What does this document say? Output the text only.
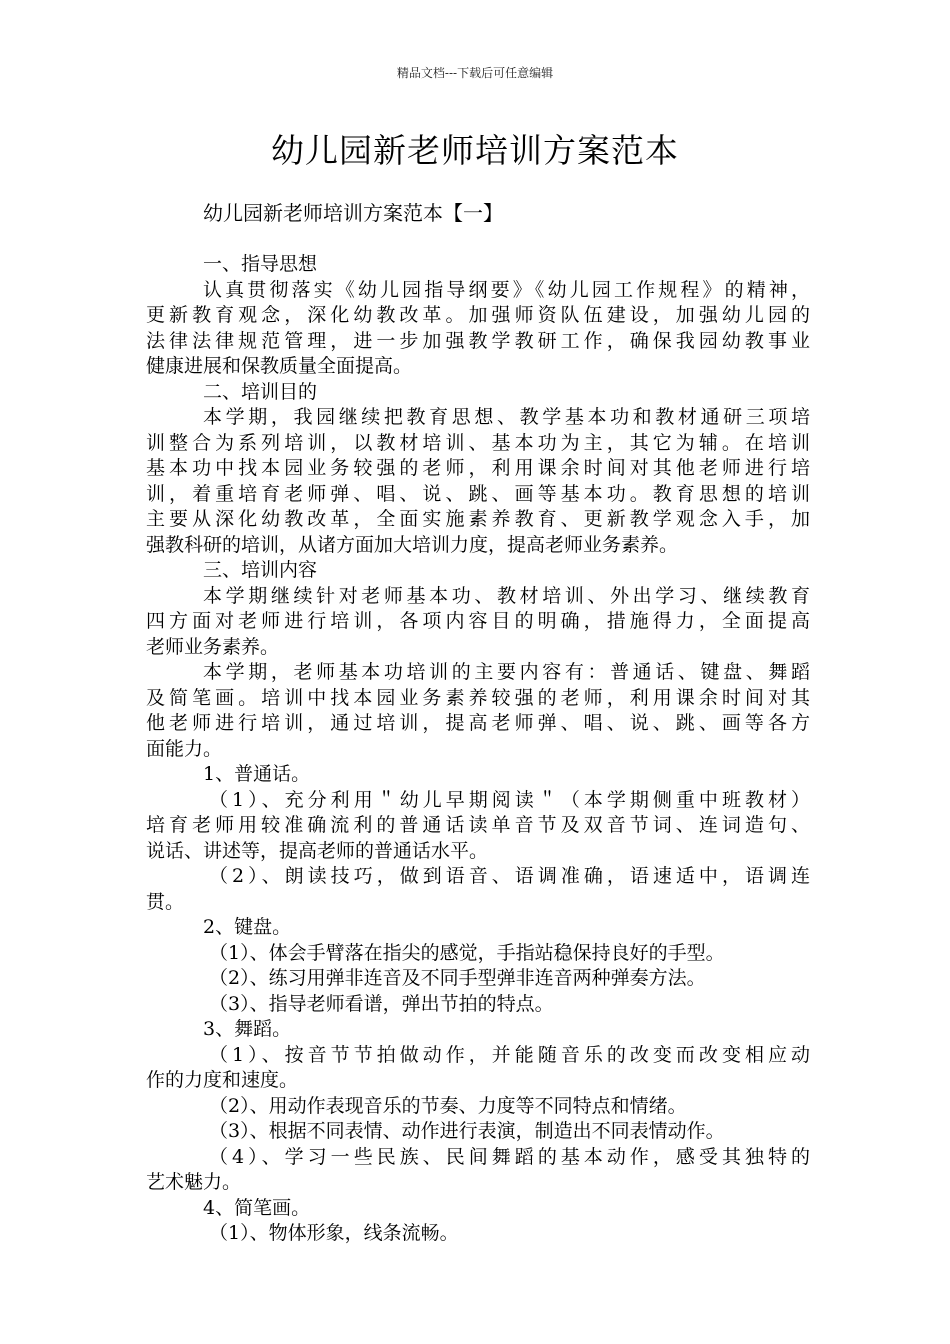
精品文档---下载后可任意编辑
幼儿园新老师培训方案范本
幼儿园新老师培训方案范本【一】
一、指导思想
认真贯彻落实《幼儿园指导纲要》《幼儿园工作规程》的精神，
更新教育观念，深化幼教改革。加强师资队伍建设，加强幼儿园的
法律法律规范管理，进一步加强教学教研工作，确保我园幼教事业
健康进展和保教质量全面提高。
二、培训目的
本学期，我园继续把教育思想、教学基本功和教材通研三项培
训整合为系列培训，以教材培训、基本功为主，其它为辅。在培训
基本功中找本园业务较强的老师，利用课余时间对其他老师进行培
训，着重培育老师弹、唱、说、跳、画等基本功。教育思想的培训
主要从深化幼教改革，全面实施素养教育、更新教学观念入手，加
强教科研的培训，从诸方面加大培训力度，提高老师业务素养。
三、培训内容
本学期继续针对老师基本功、教材培训、外出学习、继续教育
四方面对老师进行培训，各项内容目的明确，措施得力，全面提高
老师业务素养。
本学期，老师基本功培训的主要内容有：普通话、键盘、舞蹈
及简笔画。培训中找本园业务素养较强的老师，利用课余时间对其
他老师进行培训，通过培训，提高老师弹、唱、说、跳、画等各方
面能力。
1、普通话。
（1）、充分利用＂幼儿早期阅读＂（本学期侧重中班教材）
培育老师用较准确流利的普通话读单音节及双音节词、连词造句、
说话、讲述等，提高老师的普通话水平。
（2）、朗读技巧，做到语音、语调准确，语速适中，语调连
贯。
2、键盘。
（1）、体会手臂落在指尖的感觉，手指站稳保持良好的手型。
（2）、练习用弹非连音及不同手型弹非连音两种弹奏方法。
（3）、指导老师看谱，弹出节拍的特点。
3、舞蹈。
（1）、按音节节拍做动作，并能随音乐的改变而改变相应动
作的力度和速度。
（2）、用动作表现音乐的节奏、力度等不同特点和情绪。
（3）、根据不同表情、动作进行表演，制造出不同表情动作。
（4）、学习一些民族、民间舞蹈的基本动作，感受其独特的
艺术魅力。
4、简笔画。
（1）、物体形象，线条流畅。
